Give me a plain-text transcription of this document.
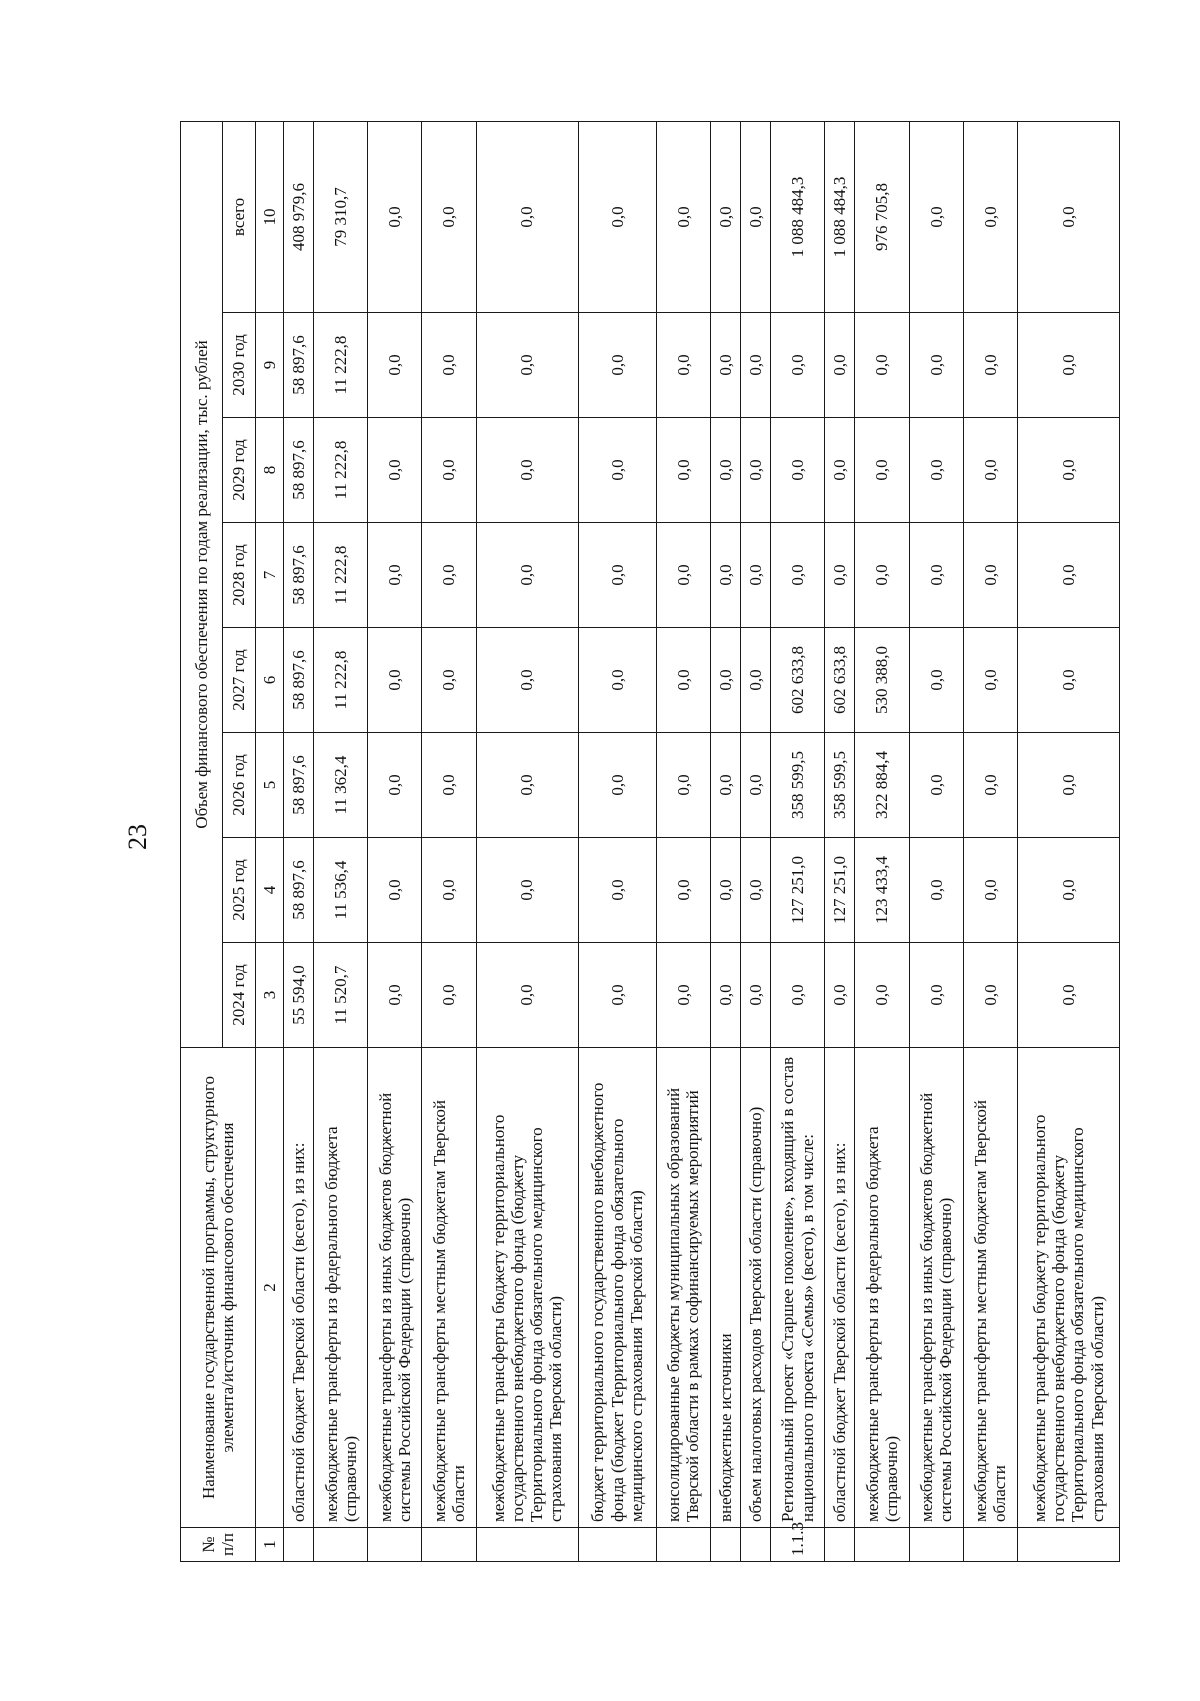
23
№ п/п	Наименование государственной программы, структурного элемента/источник финансового обеспечения	Объем финансового обеспечения по годам реализации, тыс. рублей							
		2024 год	2025 год	2026 год	2027 год	2028 год	2029 год	2030 год	всего
1	2	3	4	5	6	7	8	9	10
	областной бюджет Тверской области (всего), из них:	55 594,0	58 897,6	58 897,6	58 897,6	58 897,6	58 897,6	58 897,6	408 979,6
	межбюджетные трансферты из федерального бюджета (справочно)	11 520,7	11 536,4	11 362,4	11 222,8	11 222,8	11 222,8	11 222,8	79 310,7
	межбюджетные трансферты из иных бюджетов бюджетной системы Российской Федерации (справочно)	0,0	0,0	0,0	0,0	0,0	0,0	0,0	0,0
	межбюджетные трансферты местным бюджетам Тверской области	0,0	0,0	0,0	0,0	0,0	0,0	0,0	0,0
	межбюджетные трансферты бюджету территориального государственного внебюджетного фонда (бюджету Территориального фонда обязательного медицинского страхования Тверской области)	0,0	0,0	0,0	0,0	0,0	0,0	0,0	0,0
	бюджет территориального государственного внебюджетного фонда (бюджет Территориального фонда обязательного медицинского страхования Тверской области)	0,0	0,0	0,0	0,0	0,0	0,0	0,0	0,0
	консолидированные бюджеты муниципальных образований Тверской области в рамках софинансируемых мероприятий	0,0	0,0	0,0	0,0	0,0	0,0	0,0	0,0
	внебюджетные источники	0,0	0,0	0,0	0,0	0,0	0,0	0,0	0,0
	объем налоговых расходов Тверской области (справочно)	0,0	0,0	0,0	0,0	0,0	0,0	0,0	0,0
1.1.3	Региональный проект «Старшее поколение», входящий в состав национального проекта «Семья» (всего), в том числе:	0,0	127 251,0	358 599,5	602 633,8	0,0	0,0	0,0	1 088 484,3
	областной бюджет Тверской области (всего), из них:	0,0	127 251,0	358 599,5	602 633,8	0,0	0,0	0,0	1 088 484,3
	межбюджетные трансферты из федерального бюджета (справочно)	0,0	123 433,4	322 884,4	530 388,0	0,0	0,0	0,0	976 705,8
	межбюджетные трансферты из иных бюджетов бюджетной системы Российской Федерации (справочно)	0,0	0,0	0,0	0,0	0,0	0,0	0,0	0,0
	межбюджетные трансферты местным бюджетам Тверской области	0,0	0,0	0,0	0,0	0,0	0,0	0,0	0,0
	межбюджетные трансферты бюджету территориального государственного внебюджетного фонда (бюджету Территориального фонда обязательного медицинского страхования Тверской области)	0,0	0,0	0,0	0,0	0,0	0,0	0,0	0,0
